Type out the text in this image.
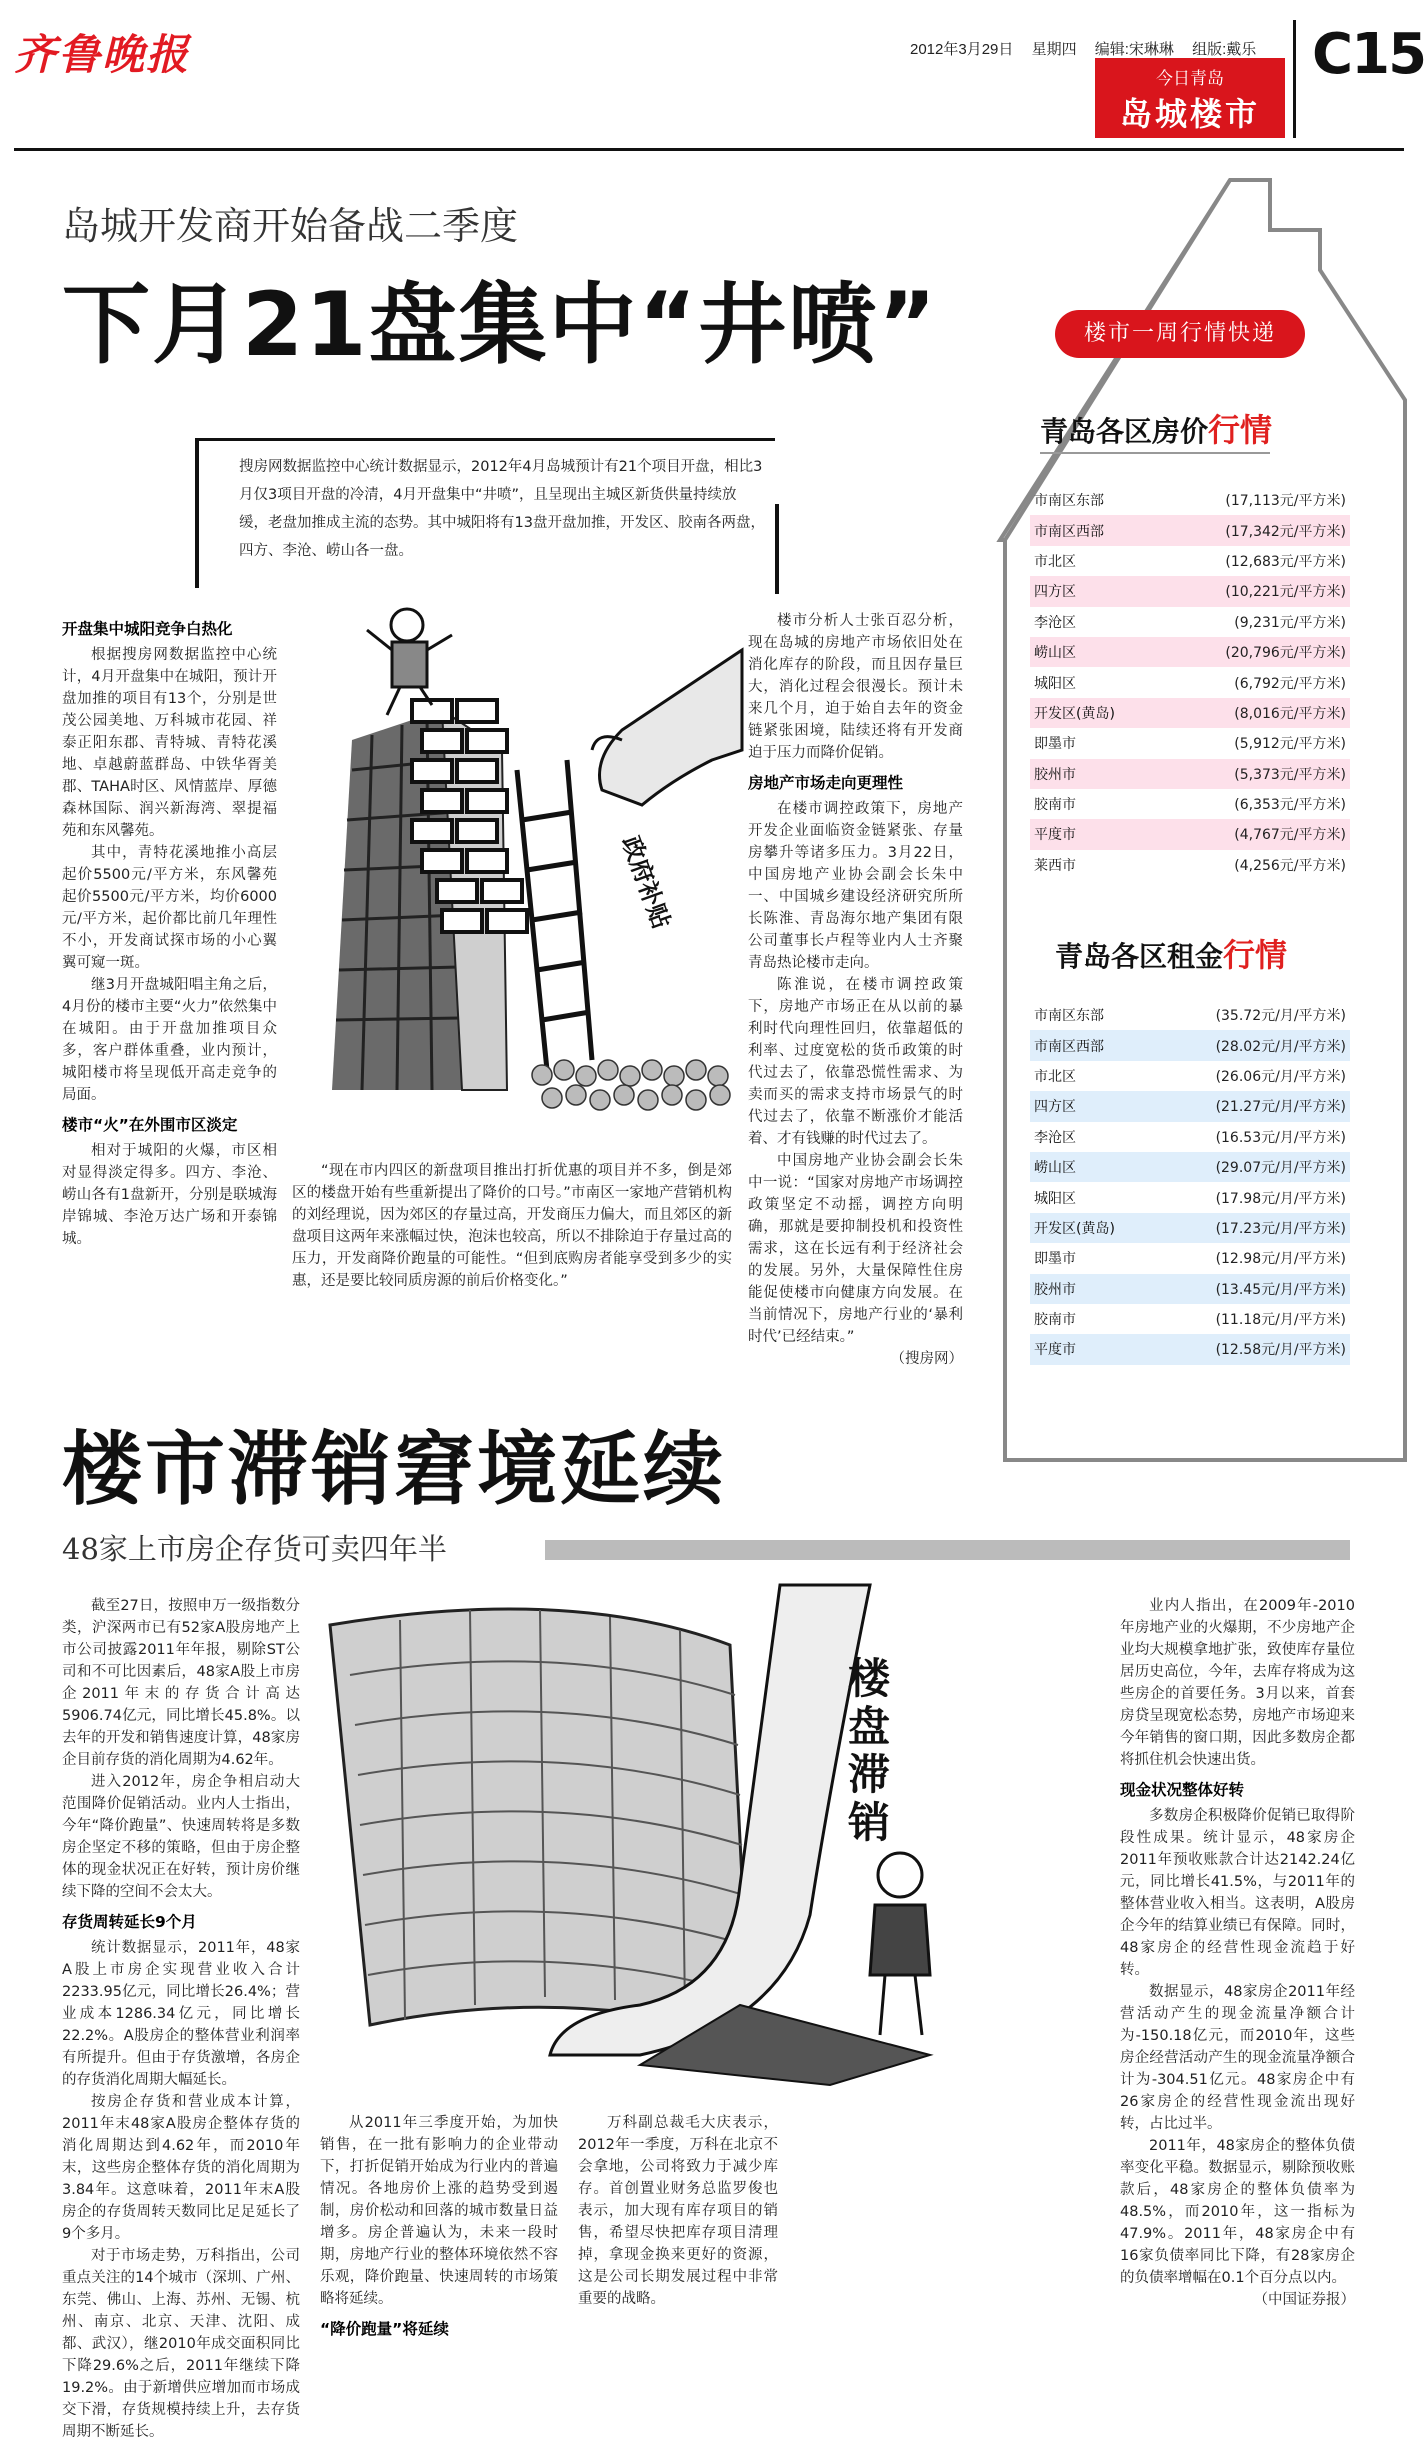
齐鲁晚报	2012年3月29日 星期四 编辑:宋琳琳 组版:戴乐
今日青岛
岛城楼市
C15
岛城开发商开始备战二季度
下月21盘集中“井喷”
搜房网数据监控中心统计数据显示，2012年4月岛城预计有21个项目开盘，相比3月仅3项目开盘的冷清，4月开盘集中“井喷”，且呈现出主城区新货供量持续放缓，老盘加推成主流的态势。其中城阳将有13盘开盘加推，开发区、胶南各两盘，四方、李沧、崂山各一盘。
开盘集中城阳竞争白热化

根据搜房网数据监控中心统计，4月开盘集中在城阳，预计开盘加推的项目有13个，分别是世茂公园美地、万科城市花园、祥泰正阳东郡、青特城、青特花溪地、卓越蔚蓝群岛、中铁华胥美郡、TAHA时区、风情蓝岸、厚德森林国际、润兴新海湾、翠提福苑和东风馨苑。

其中，青特花溪地推小高层起价5500元/平方米，东风馨苑起价5500元/平方米，均价6000元/平方米，起价都比前几年理性不小，开发商试探市场的小心翼翼可窥一斑。

继3月开盘城阳唱主角之后，4月份的楼市主要“火力”依然集中在城阳。由于开盘加推项目众多，客户群体重叠，业内预计，城阳楼市将呈现低开高走竞争的局面。

楼市“火”在外围市区淡定

相对于城阳的火爆，市区相对显得淡定得多。四方、李沧、崂山各有1盘新开，分别是联城海岸锦城、李沧万达广场和开泰锦城。

“现在市内四区的新盘项目推出打折优惠的项目并不多，倒是郊区的楼盘开始有些重新提出了降价的口号。”市南区一家地产营销机构的刘经理说，因为郊区的存量过高，开发商压力偏大，而且郊区的新盘项目这两年来涨幅过快，泡沫也较高，所以不排除迫于存量过高的压力，开发商降价跑量的可能性。“但到底购房者能享受到多少的实惠，还是要比较同质房源的前后价格变化。”

楼市分析人士张百忍分析，现在岛城的房地产市场依旧处在消化库存的阶段，而且因存量巨大，消化过程会很漫长。预计未来几个月，迫于始自去年的资金链紧张困境，陆续还将有开发商迫于压力而降价促销。

房地产市场走向更理性

在楼市调控政策下，房地产开发企业面临资金链紧张、存量房攀升等诸多压力。3月22日，中国房地产业协会副会长朱中一、中国城乡建设经济研究所所长陈淮、青岛海尔地产集团有限公司董事长卢程等业内人士齐聚青岛热论楼市走向。

陈淮说，在楼市调控政策下，房地产市场正在从以前的暴利时代向理性回归，依靠超低的利率、过度宽松的货币政策的时代过去了，依靠恐慌性需求、为卖而买的需求支持市场景气的时代过去了，依靠不断涨价才能活着、才有钱赚的时代过去了。

中国房地产业协会副会长朱中一说：“国家对房地产市场调控政策坚定不动摇，调控方向明确，那就是要抑制投机和投资性需求，这在长远有利于经济社会的发展。另外，大量保障性住房能促使楼市向健康方向发展。在当前情况下，房地产行业的‘暴利时代’已经结束。”

（搜房网）
政府补贴
楼市一周行情快递
青岛各区房价行情
市南区东部	(17,113元/平方米)
市南区西部	(17,342元/平方米)
市北区	(12,683元/平方米)
四方区	(10,221元/平方米)
李沧区	(9,231元/平方米)
崂山区	(20,796元/平方米)
城阳区	(6,792元/平方米)
开发区(黄岛)	(8,016元/平方米)
即墨市	(5,912元/平方米)
胶州市	(5,373元/平方米)
胶南市	(6,353元/平方米)
平度市	(4,767元/平方米)
莱西市	(4,256元/平方米)
青岛各区租金行情
市南区东部	(35.72元/月/平方米)
市南区西部	(28.02元/月/平方米)
市北区	(26.06元/月/平方米)
四方区	(21.27元/月/平方米)
李沧区	(16.53元/月/平方米)
崂山区	(29.07元/月/平方米)
城阳区	(17.98元/月/平方米)
开发区(黄岛)	(17.23元/月/平方米)
即墨市	(12.98元/月/平方米)
胶州市	(13.45元/月/平方米)
胶南市	(11.18元/月/平方米)
平度市	(12.58元/月/平方米)
楼市滞销窘境延续
48家上市房企存货可卖四年半

截至27日，按照申万一级指数分类，沪深两市已有52家A股房地产上市公司披露2011年年报，剔除ST公司和不可比因素后，48家A股上市房企2011年末的存货合计高达5906.74亿元，同比增长45.8%。以去年的开发和销售速度计算，48家房企目前存货的消化周期为4.62年。

进入2012年，房企争相启动大范围降价促销活动。业内人士指出，今年“降价跑量”、快速周转将是多数房企坚定不移的策略，但由于房企整体的现金状况正在好转，预计房价继续下降的空间不会太大。

存货周转延长9个月

统计数据显示，2011年，48家A股上市房企实现营业收入合计2233.95亿元，同比增长26.4%；营业成本1286.34亿元，同比增长22.2%。A股房企的整体营业利润率有所提升。但由于存货激增，各房企的存货消化周期大幅延长。

按房企存货和营业成本计算，2011年末48家A股房企整体存货的消化周期达到4.62年，而2010年末，这些房企整体存货的消化周期为3.84年。这意味着，2011年末A股房企的存货周转天数同比足足延长了9个多月。

对于市场走势，万科指出，公司重点关注的14个城市（深圳、广州、东莞、佛山、上海、苏州、无锡、杭州、南京、北京、天津、沈阳、成都、武汉），继2010年成交面积同比下降29.6%之后，2011年继续下降19.2%。由于新增供应增加而市场成交下滑，存货规模持续上升，去存货周期不断延长。

楼盘滞销

从2011年三季度开始，为加快销售，在一批有影响力的企业带动下，打折促销开始成为行业内的普遍情况。各地房价上涨的趋势受到遏制，房价松动和回落的城市数量日益增多。房企普遍认为，未来一段时期，房地产行业的整体环境依然不容乐观，降价跑量、快速周转的市场策略将延续。

“降价跑量”将延续

万科副总裁毛大庆表示，2012年一季度，万科在北京不会拿地，公司将致力于减少库存。首创置业财务总监罗俊也表示，加大现有库存项目的销售，希望尽快把库存项目清理掉，拿现金换来更好的资源，这是公司长期发展过程中非常重要的战略。

业内人指出，在2009年-2010年房地产业的火爆期，不少房地产企业均大规模拿地扩张，致使库存量位居历史高位，今年，去库存将成为这些房企的首要任务。3月以来，首套房贷呈现宽松态势，房地产市场迎来今年销售的窗口期，因此多数房企都将抓住机会快速出货。

现金状况整体好转

多数房企积极降价促销已取得阶段性成果。统计显示，48家房企2011年预收账款合计达2142.24亿元，同比增长41.5%，与2011年的整体营业收入相当。这表明，A股房企今年的结算业绩已有保障。同时，48家房企的经营性现金流趋于好转。

数据显示，48家房企2011年经营活动产生的现金流量净额合计为-150.18亿元，而2010年，这些房企经营活动产生的现金流量净额合计为-304.51亿元。48家房企中有26家房企的经营性现金流出现好转，占比过半。

2011年，48家房企的整体负债率变化平稳。数据显示，剔除预收账款后，48家房企的整体负债率为48.5%，而2010年，这一指标为47.9%。2011年，48家房企中有16家负债率同比下降，有28家房企的负债率增幅在0.1个百分点以内。

（中国证券报）
